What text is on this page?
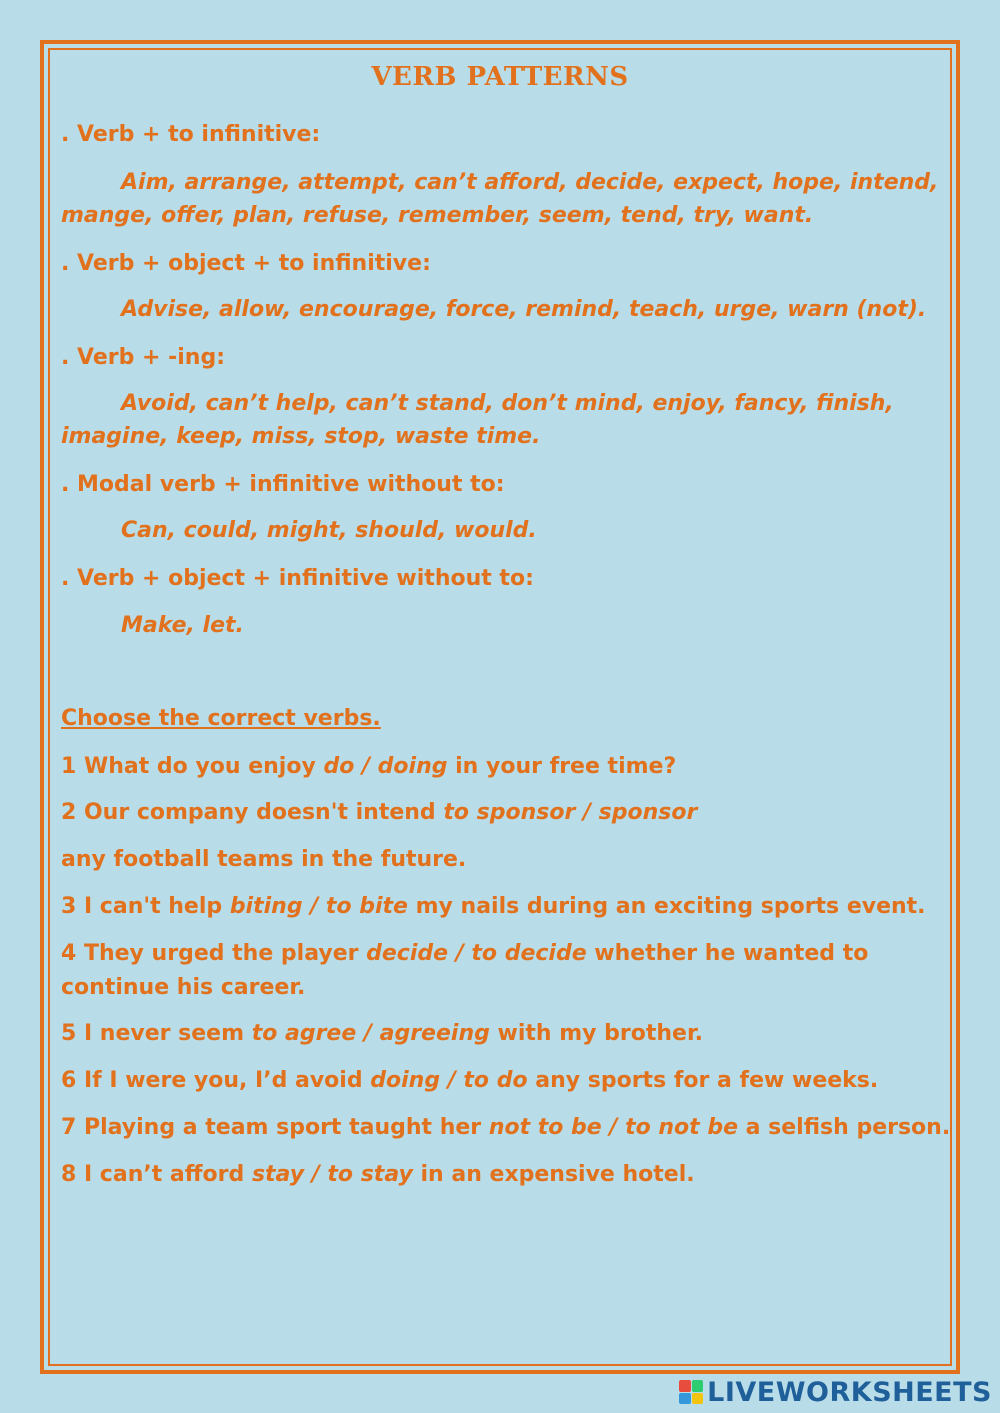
VERB PATTERNS
. Verb + to infinitive:
Aim, arrange, attempt, can’t afford, decide, expect, hope, intend,
mange, offer, plan, refuse, remember, seem, tend, try, want.
. Verb + object + to infinitive:
Advise, allow, encourage, force, remind, teach, urge, warn (not).
. Verb + -ing:
Avoid, can’t help, can’t stand, don’t mind, enjoy, fancy, finish,
imagine, keep, miss, stop, waste time.
. Modal verb + infinitive without to:
Can, could, might, should, would.
. Verb + object + infinitive without to:
Make, let.
Choose the correct verbs.
1 What do you enjoy do / doing in your free time?
2 Our company doesn't intend to sponsor / sponsor
any football teams in the future.
3 I can't help biting / to bite my nails during an exciting sports event.
4 They urged the player decide / to decide whether he wanted to
continue his career.
5 I never seem to agree / agreeing with my brother.
6 If I were you, I’d avoid doing / to do any sports for a few weeks.
7 Playing a team sport taught her not to be / to not be a selfish person.
8 I can’t afford stay / to stay in an expensive hotel.
LIVEWORKSHEETS
